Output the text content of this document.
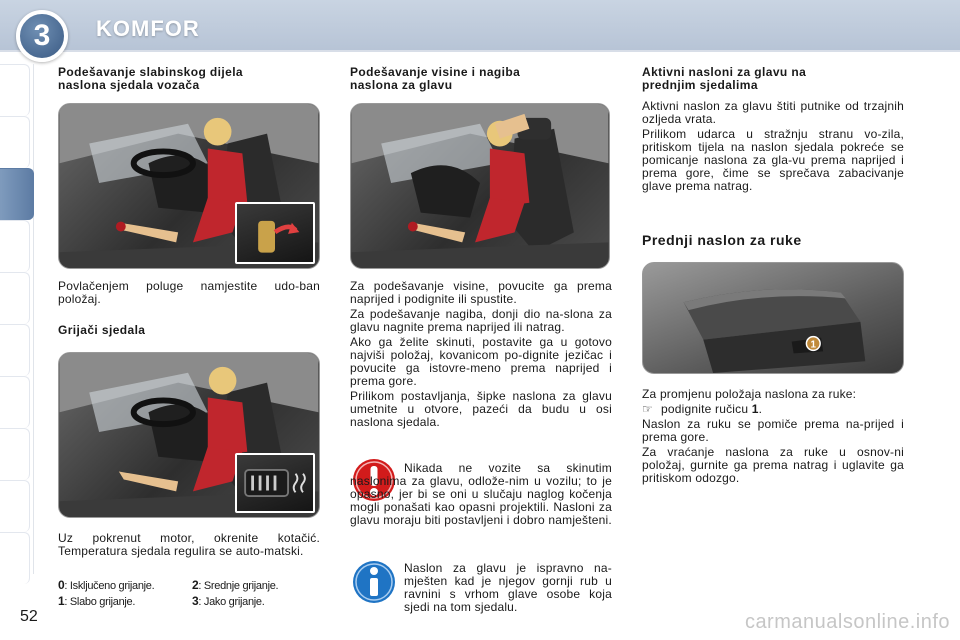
3	KOMFOR
Podešavanje slabinskog dijela naslona sjedala vozača

Povlačenjem poluge namjestite udo-ban položaj.

Grijači sjedala

Uz pokrenut motor, okrenite kotačić. Temperatura sjedala regulira se auto-matski.

0: Isključeno grijanje.
1: Slabo grijanje.
2: Srednje grijanje.
3: Jako grijanje.
Podešavanje visine i nagiba naslona za glavu

Za podešavanje visine, povucite ga prema naprijed i podignite ili spustite.

Za podešavanje nagiba, donji dio na-slona za glavu nagnite prema naprijed ili natrag.

Ako ga želite skinuti, postavite ga u gotovo najviši položaj, kovanicom po-dignite jezičac i povucite ga istovre-meno prema naprijed i prema gore.

Prilikom postavljanja, šipke naslona za glavu umetnite u otvore, pazeći da budu u osi naslona sjedala.

Nikada ne vozite sa skinutim naslonima za glavu, odlože-nim u vozilu; to je opasno, jer bi se oni u slučaju naglog kočenja mogli ponašati kao opasni projektili. Nasloni za glavu moraju biti postavljeni i dobro namješteni.

Naslon za glavu je ispravno na-mješten kad je njegov gornji rub u ravnini s vrhom glave osobe koja sjedi na tom sjedalu.

Aktivni nasloni za glavu na prednjim sjedalima

Aktivni naslon za glavu štiti putnike od trzajnih ozljeda vrata.

Prilikom udarca u stražnju stranu vo-zila, pritiskom tijela na naslon sjedala pokreće se pomicanje naslona za gla-vu prema naprijed i prema gore, čime se sprečava zabacivanje glave prema natrag.

Prednji naslon za ruke
1

Za promjenu položaja naslona za ruke:

☞ podignite ručicu 1.

Naslon za ruku se pomiče prema na-prijed i prema gore.

Za vraćanje naslona za ruke u osnov-ni položaj, gurnite ga prema natrag i uglavite ga pritiskom odozgo.

52	carmanualsonline.info
